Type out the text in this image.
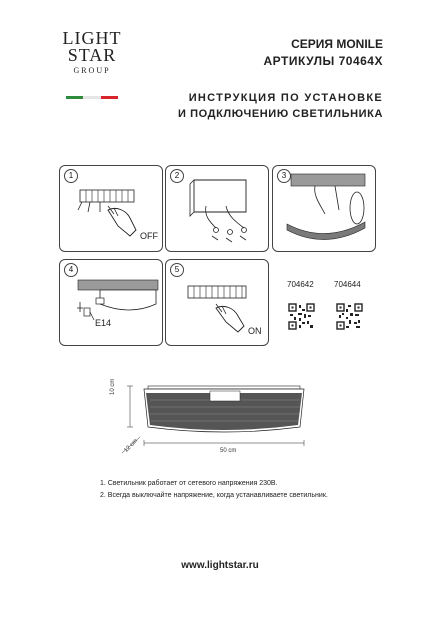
LIGHT
STAR
GROUP
СЕРИЯ MONILE
АРТИКУЛЫ 70464X
ИНСТРУКЦИЯ ПО УСТАНОВКЕ
И ПОДКЛЮЧЕНИЮ СВЕТИЛЬНИКА
1
OFF
2	3
4
E14
5
ON
704642	704644
10 cm
12 cm	50 cm
1. Светильник работает от сетевого напряжения 230В.
2. Всегда выключайте напряжение, когда устанавливаете светильник.
www.lightstar.ru
